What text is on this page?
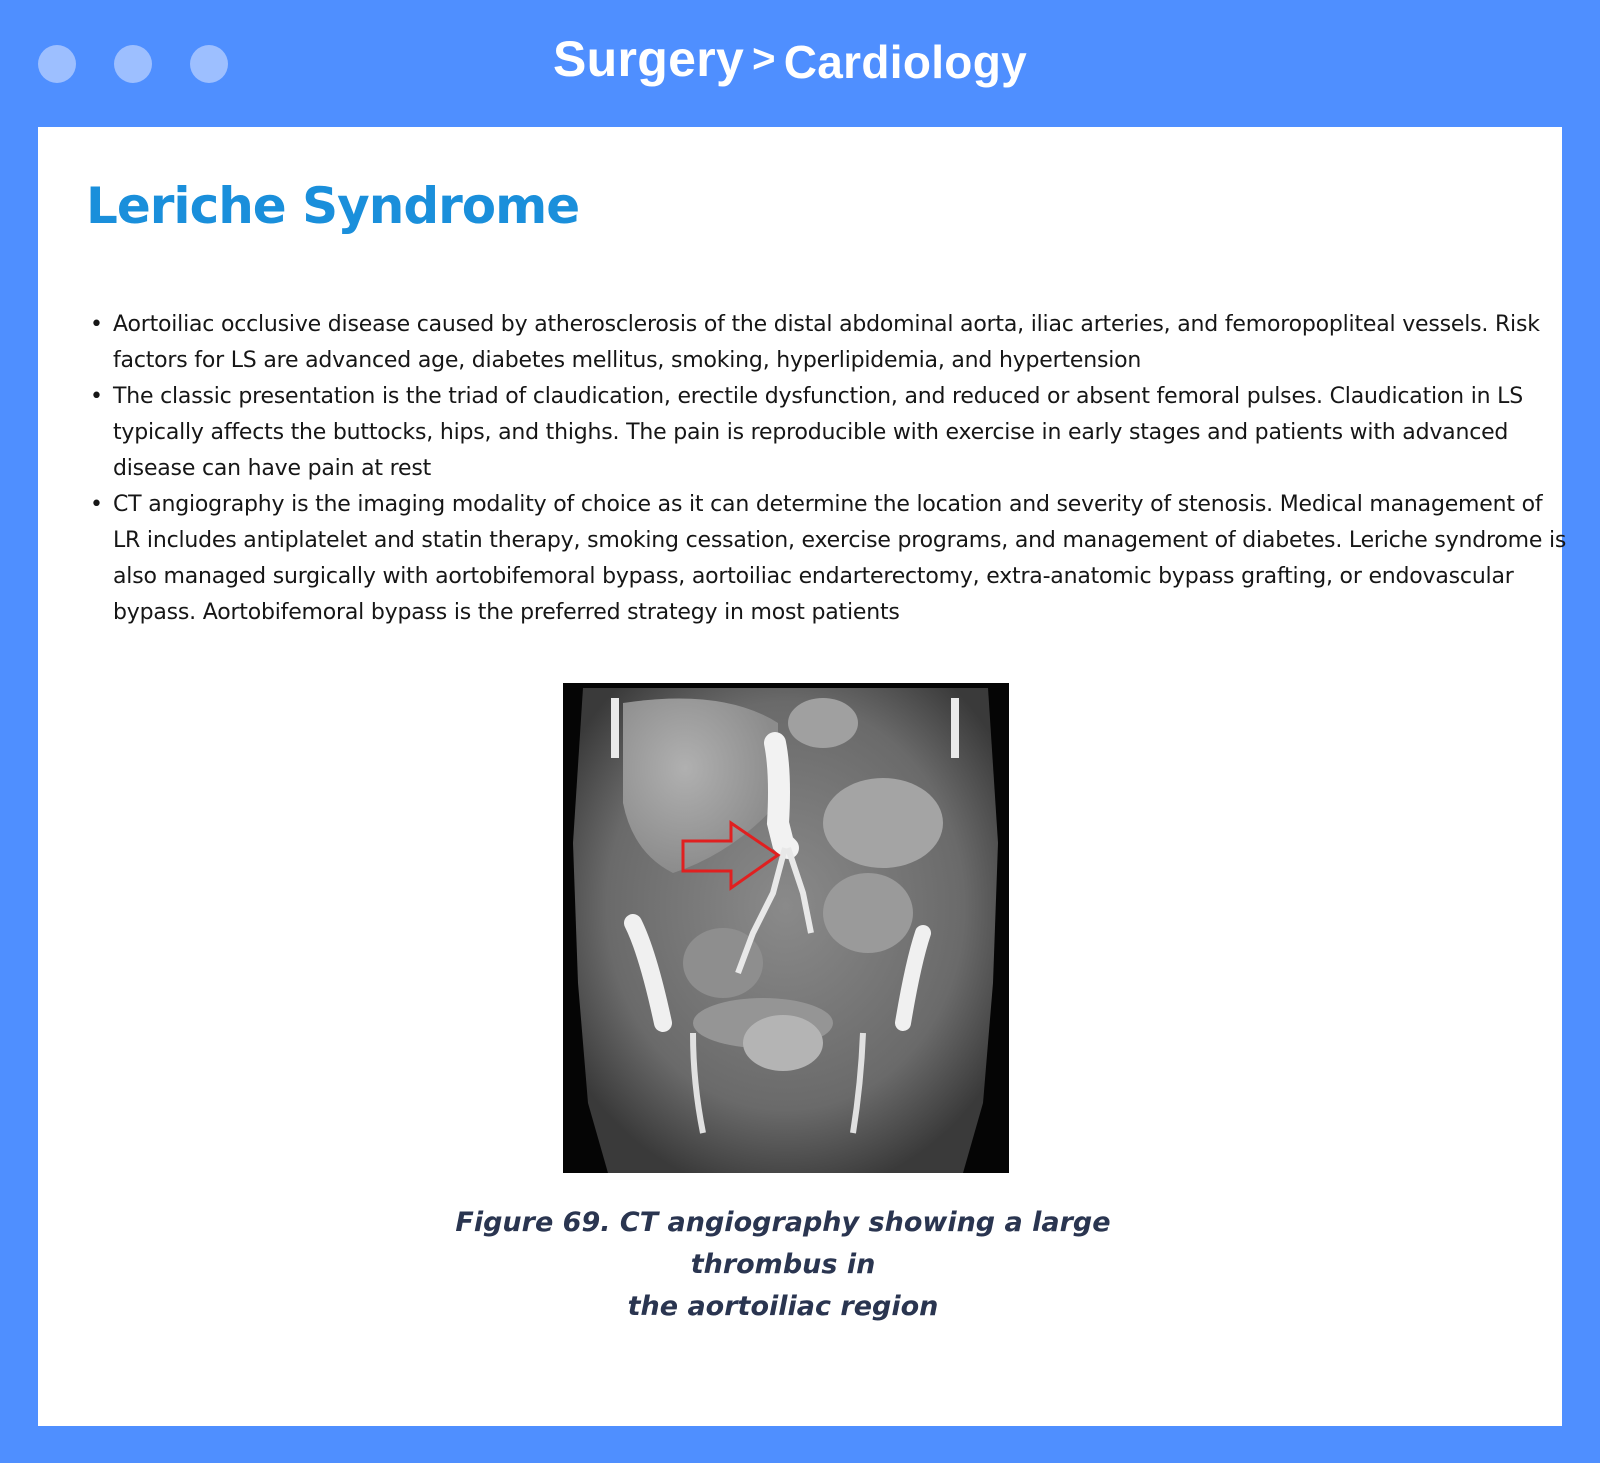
Surgery > Cardiology
Leriche Syndrome
• Aortoiliac occlusive disease caused by atherosclerosis of the distal abdominal aorta, iliac arteries, and femoropopliteal vessels. Risk factors for LS are advanced age, diabetes mellitus, smoking, hyperlipidemia, and hypertension
• The classic presentation is the triad of claudication, erectile dysfunction, and reduced or absent femoral pulses. Claudication in LS typically affects the buttocks, hips, and thighs. The pain is reproducible with exercise in early stages and patients with advanced disease can have pain at rest
• CT angiography is the imaging modality of choice as it can determine the location and severity of stenosis. Medical management of LR includes antiplatelet and statin therapy, smoking cessation, exercise programs, and management of diabetes. Leriche syndrome is also managed surgically with aortobifemoral bypass, aortoiliac endarterectomy, extra-anatomic bypass grafting, or endovascular bypass. Aortobifemoral bypass is the preferred strategy in most patients
Figure 69. CT angiography showing a large thrombus in
the aortoiliac region
